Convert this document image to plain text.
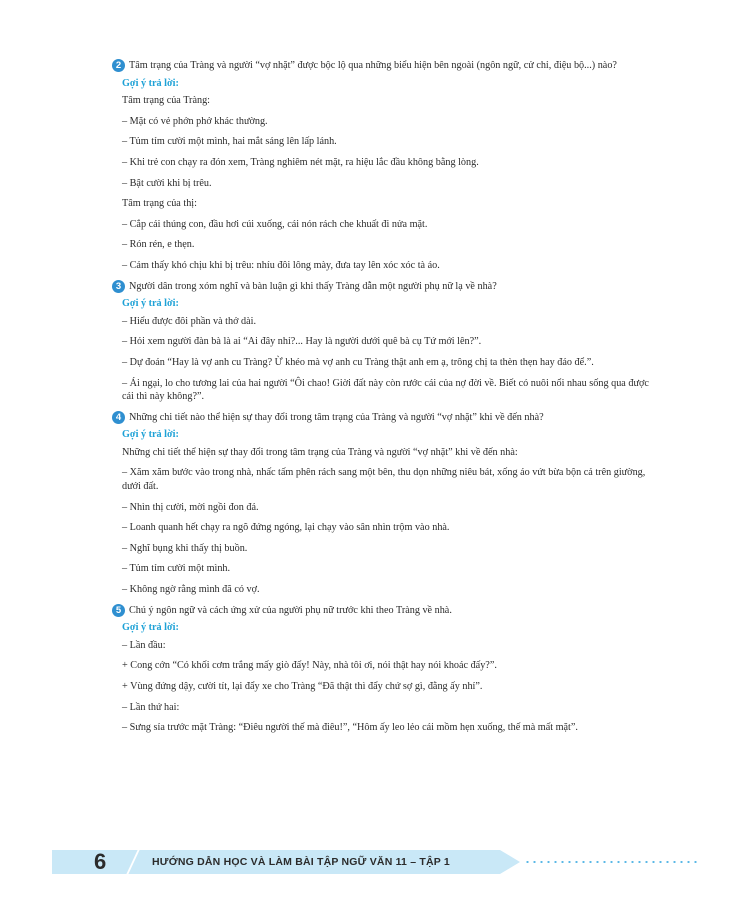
2 Tâm trạng của Tràng và người “vợ nhặt” được bộc lộ qua những biểu hiện bên ngoài (ngôn ngữ, cử chỉ, điệu bộ...) nào?
Gợi ý trả lời:
Tâm trạng của Tràng:
– Mặt có vẻ phớn phở khác thường.
– Tủm tỉm cười một mình, hai mắt sáng lên lấp lánh.
– Khi trẻ con chạy ra đón xem, Tràng nghiêm nét mặt, ra hiệu lắc đầu không bằng lòng.
– Bật cười khi bị trêu.
Tâm trạng của thị:
– Cắp cái thúng con, đầu hơi cúi xuống, cái nón rách che khuất đi nửa mặt.
– Rón rén, e thẹn.
– Cảm thấy khó chịu khi bị trêu: nhíu đôi lông mày, đưa tay lên xóc xóc tà áo.
3 Người dân trong xóm nghĩ và bàn luận gì khi thấy Tràng dẫn một người phụ nữ lạ về nhà?
Gợi ý trả lời:
– Hiểu được đôi phần và thở dài.
– Hỏi xem người đàn bà là ai “Ai đây nhỉ?... Hay là người dưới quê bà cụ Tứ mới lên?”.
– Dự đoán “Hay là vợ anh cu Tràng? Ừ khéo mà vợ anh cu Tràng thật anh em ạ, trông chị ta thèn thẹn hay đáo để.”.
– Ái ngại, lo cho tương lai của hai người “Ôi chao! Giời đất này còn rước cái của nợ đời về. Biết có nuôi nổi nhau sống qua được cái thì này không?”.
4 Những chi tiết nào thể hiện sự thay đổi trong tâm trạng của Tràng và người “vợ nhặt” khi về đến nhà?
Gợi ý trả lời:
Những chi tiết thể hiện sự thay đổi trong tâm trạng của Tràng và người “vợ nhặt” khi về đến nhà:
– Xăm xăm bước vào trong nhà, nhấc tấm phên rách sang một bên, thu dọn những niêu bát, xống áo vứt bừa bộn cả trên giường, dưới đất.
– Nhìn thị cười, mời ngồi đon đả.
– Loanh quanh hết chạy ra ngõ đứng ngóng, lại chạy vào sân nhìn trộm vào nhà.
– Nghĩ bụng khi thấy thị buồn.
– Tủm tỉm cười một mình.
– Không ngờ rằng mình đã có vợ.
5 Chú ý ngôn ngữ và cách ứng xử của người phụ nữ trước khi theo Tràng về nhà.
Gợi ý trả lời:
– Lần đầu:
+ Cong cớn “Có khối cơm trắng mấy giò đấy! Này, nhà tôi ơi, nói thật hay nói khoác đấy?”.
+ Vùng đứng dậy, cười tít, lại đẩy xe cho Tràng “Đã thật thì đẩy chứ sợ gì, đằng ấy nhỉ”.
– Lần thứ hai:
– Sưng sỉa trước mặt Tràng: “Điêu người thế mà điêu!”, “Hôm ấy leo lẻo cái mồm hẹn xuống, thế mà mất mặt”.
6	HƯỚNG DẪN HỌC VÀ LÀM BÀI TẬP NGỮ VĂN 11 – TẬP 1
